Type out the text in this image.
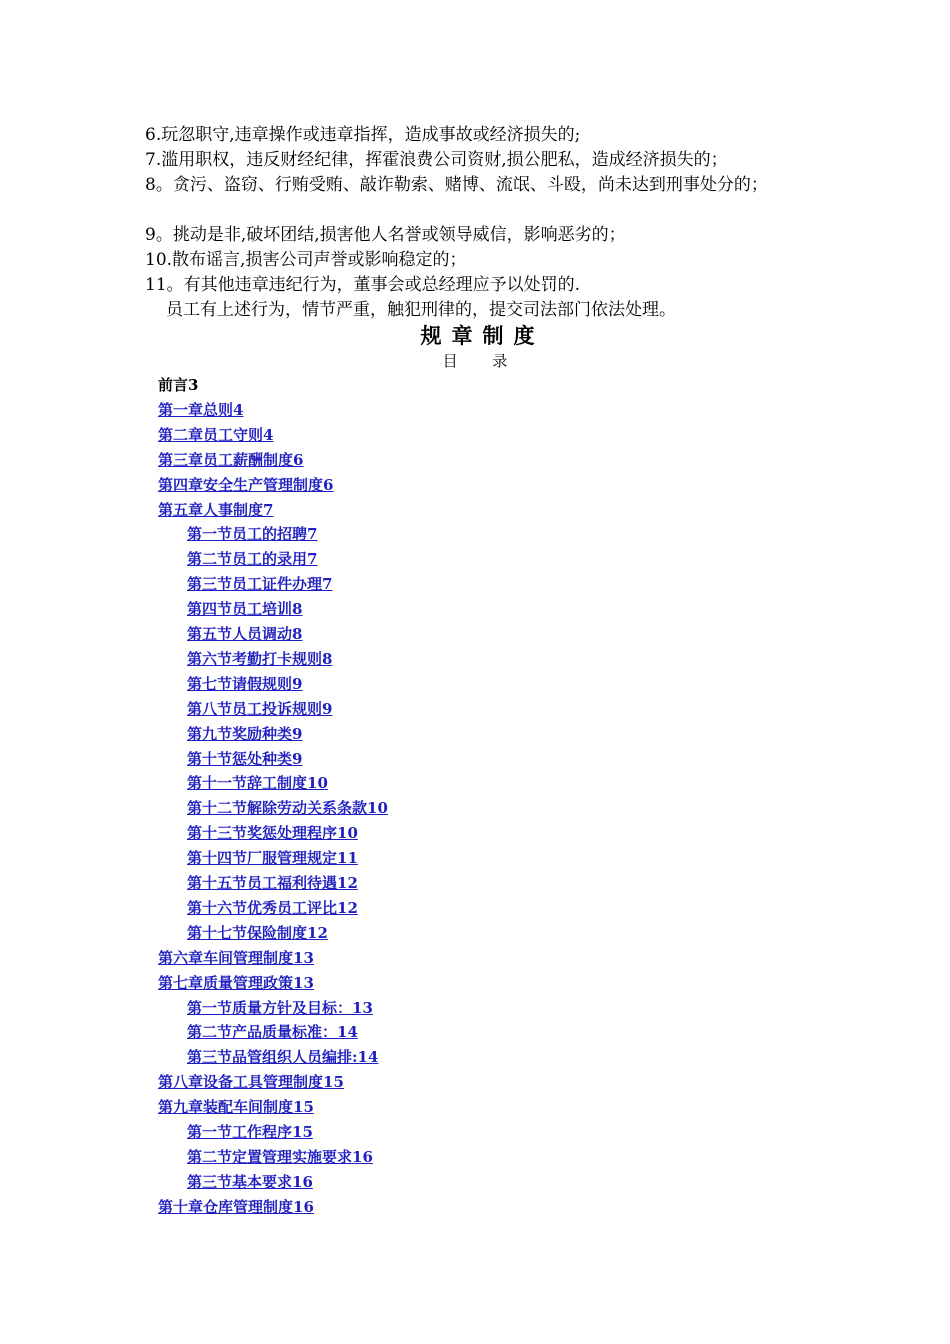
6.玩忽职守,违章操作或违章指挥，造成事故或经济损失的;
7.滥用职权，违反财经纪律，挥霍浪费公司资财,损公肥私，造成经济损失的；
8。贪污、盗窃、行贿受贿、敲诈勒索、赌博、流氓、斗殴，尚未达到刑事处分的；
9。挑动是非,破坏团结,损害他人名誉或领导威信，影响恶劣的；
10.散布谣言,损害公司声誉或影响稳定的；
11。有其他违章违纪行为，董事会或总经理应予以处罚的.
员工有上述行为，情节严重，触犯刑律的，提交司法部门依法处理。
规章制度
目 录
前言3
第一章总则4
第二章员工守则4
第三章员工薪酬制度6
第四章安全生产管理制度6
第五章人事制度7
第一节员工的招聘7
第二节员工的录用7
第三节员工证件办理7
第四节员工培训8
第五节人员调动8
第六节考勤打卡规则8
第七节请假规则9
第八节员工投诉规则9
第九节奖励种类9
第十节惩处种类9
第十一节辞工制度10
第十二节解除劳动关系条款10
第十三节奖惩处理程序10
第十四节厂服管理规定11
第十五节员工福利待遇12
第十六节优秀员工评比12
第十七节保险制度12
第六章车间管理制度13
第七章质量管理政策13
第一节质量方针及目标：13
第二节产品质量标准：14
第三节品管组织人员编排:14
第八章设备工具管理制度15
第九章装配车间制度15
第一节工作程序15
第二节定置管理实施要求16
第三节基本要求16
第十章仓库管理制度16
